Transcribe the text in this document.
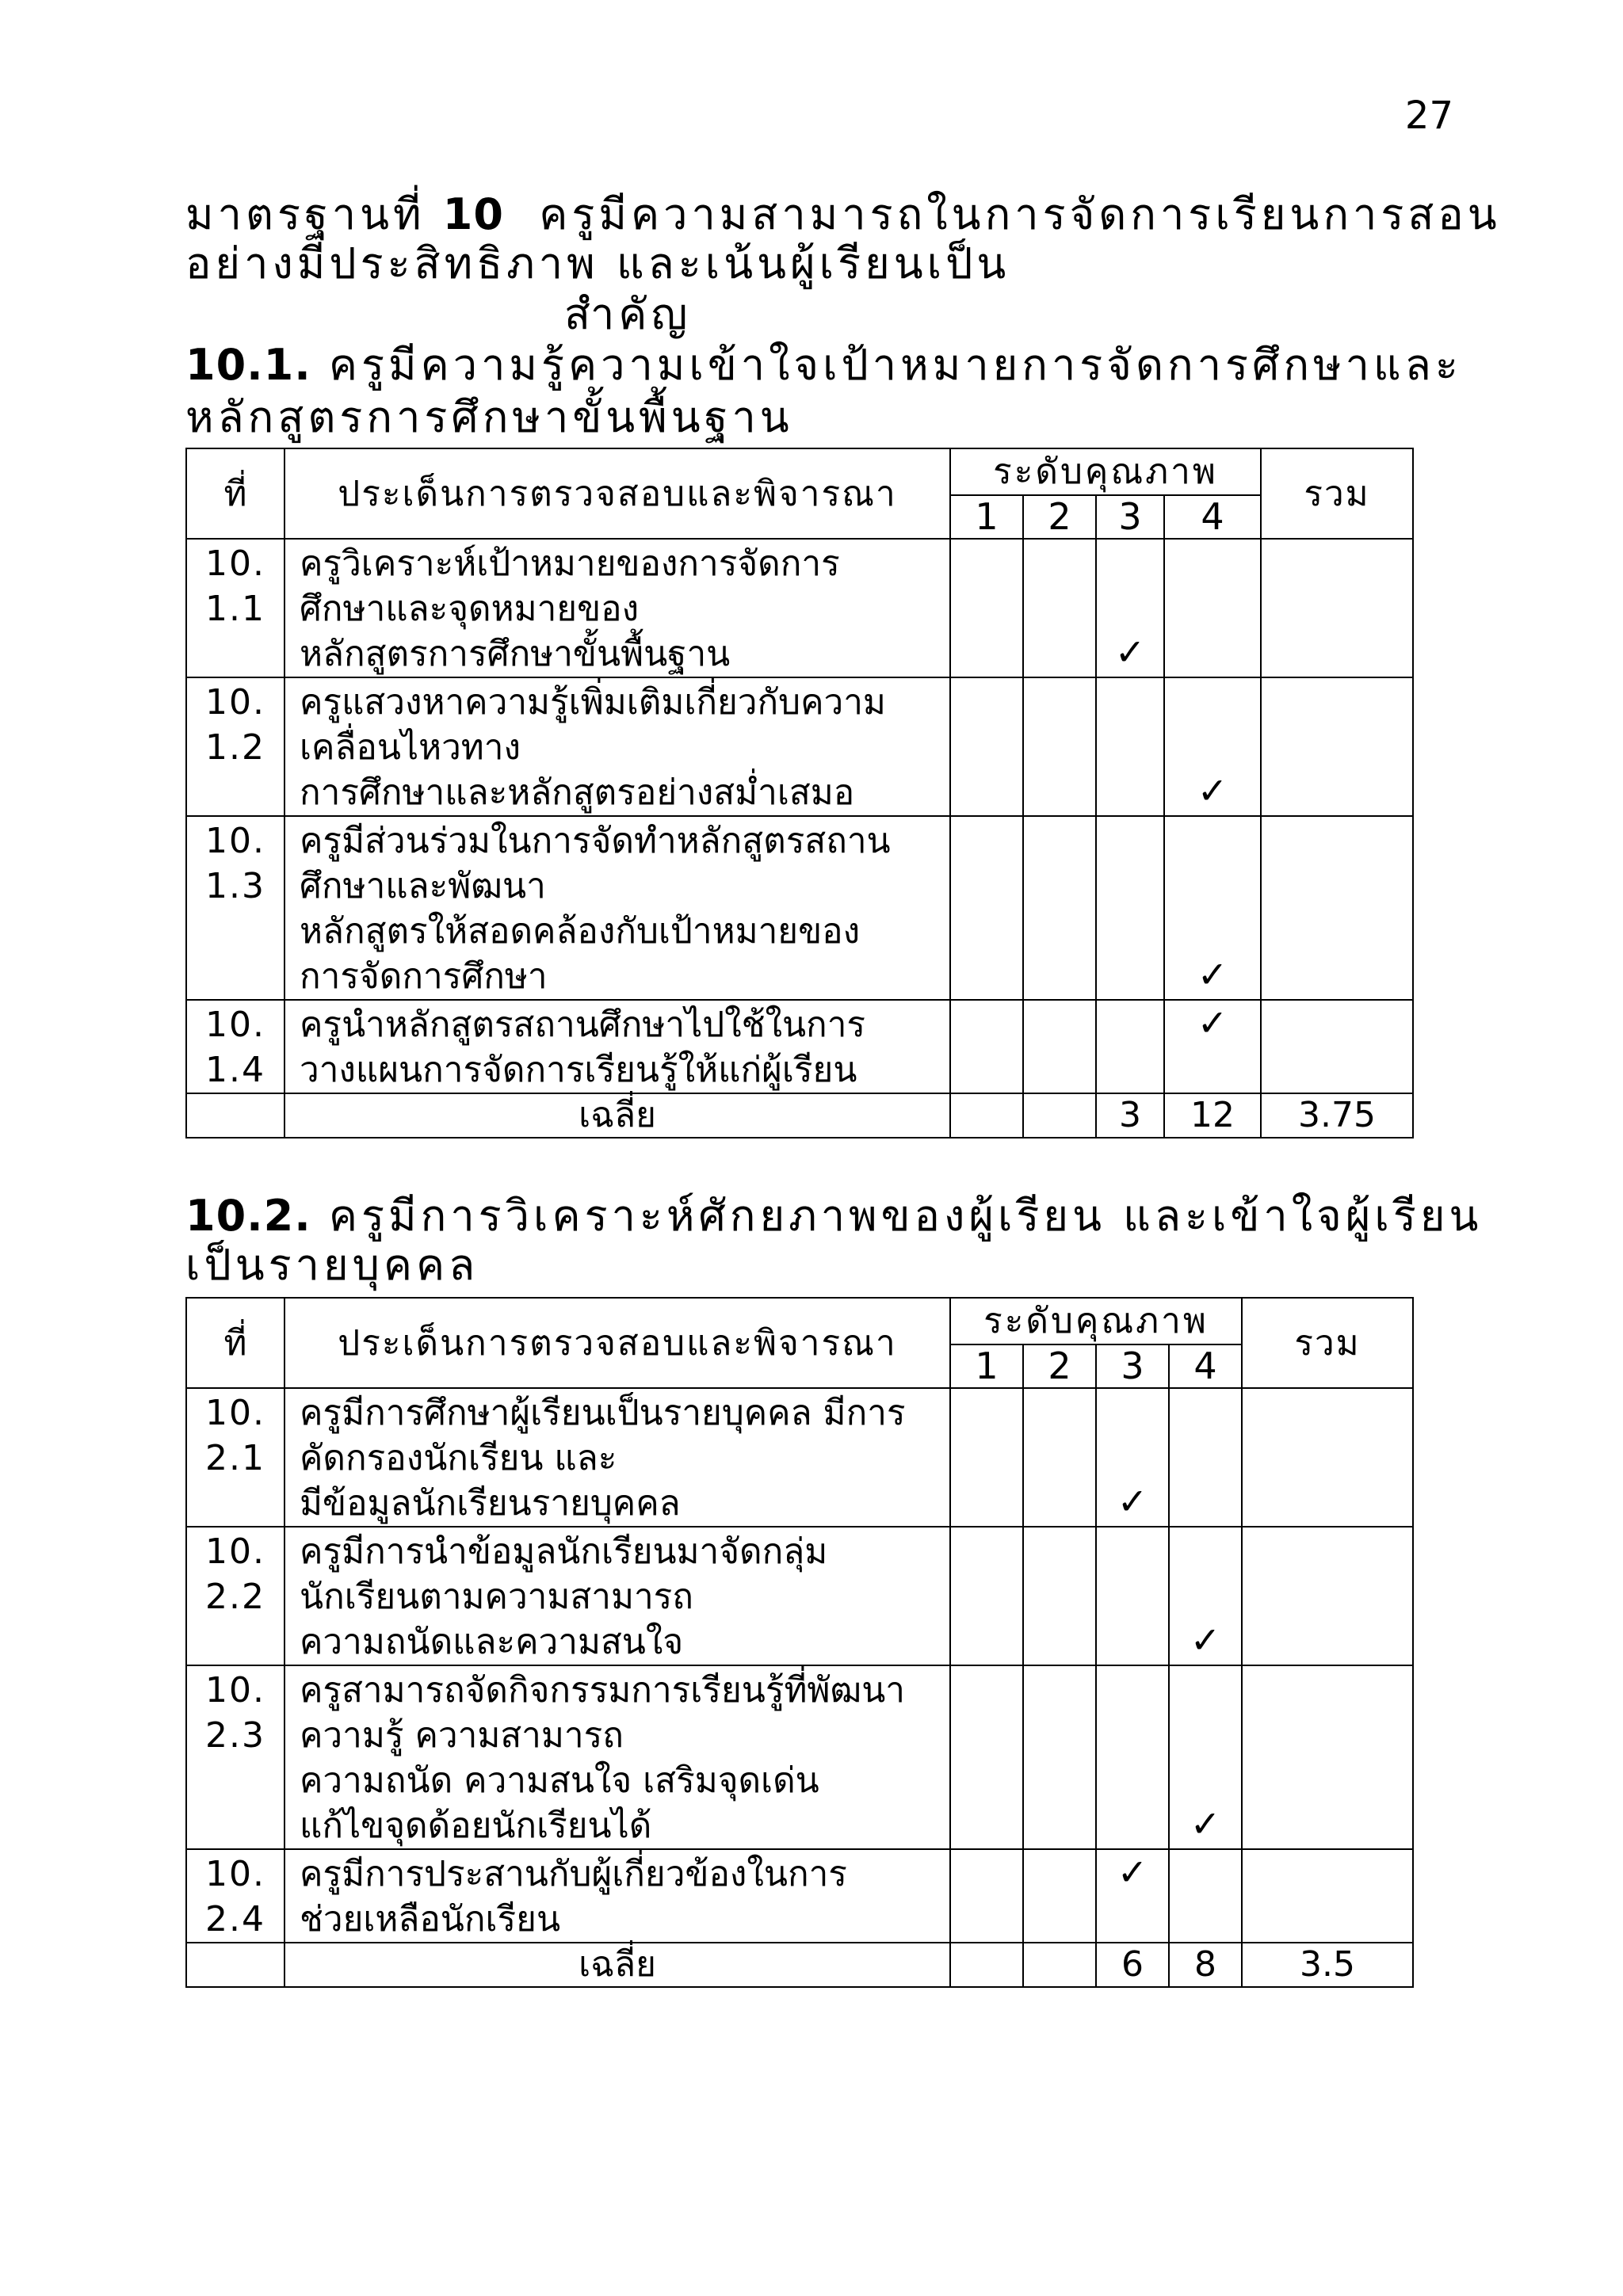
27
มาตรฐานที่ 10 ครูมีความสามารถในการจัดการเรียนการสอน
อย่างมีประสิทธิภาพ และเน้นผู้เรียนเป็น
สำคัญ
10.1. ครูมีความรู้ความเข้าใจเป้าหมายการจัดการศึกษาและ
หลักสูตรการศึกษาขั้นพื้นฐาน
ที่	ประเด็นการตรวจสอบและพิจารณา	ระดับคุณภาพ				รวม
		1	2	3	4	
10.
1.1	ครูวิเคราะห์เป้าหมายของการจัดการ
ศึกษาและจุดหมายของ
หลักสูตรการศึกษาขั้นพื้นฐาน			✓		
10.
1.2	ครูแสวงหาความรู้เพิ่มเติมเกี่ยวกับความ
เคลื่อนไหวทาง
การศึกษาและหลักสูตรอย่างสม่ำเสมอ				✓	
10.
1.3	ครูมีส่วนร่วมในการจัดทำหลักสูตรสถาน
ศึกษาและพัฒนา
หลักสูตรให้สอดคล้องกับเป้าหมายของ
การจัดการศึกษา				✓	
10.
1.4	ครูนำหลักสูตรสถานศึกษาไปใช้ในการ
วางแผนการจัดการเรียนรู้ให้แก่ผู้เรียน				✓	
	เฉลี่ย			3	12	3.75
10.2. ครูมีการวิเคราะห์ศักยภาพของผู้เรียน และเข้าใจผู้เรียน
เป็นรายบุคคล
ที่	ประเด็นการตรวจสอบและพิจารณา	ระดับคุณภาพ				รวม
		1	2	3	4	
10.
2.1	ครูมีการศึกษาผู้เรียนเป็นรายบุคคล มีการ
คัดกรองนักเรียน และ
มีข้อมูลนักเรียนรายบุคคล			✓		
10.
2.2	ครูมีการนำข้อมูลนักเรียนมาจัดกลุ่ม
นักเรียนตามความสามารถ
ความถนัดและความสนใจ				✓	
10.
2.3	ครูสามารถจัดกิจกรรมการเรียนรู้ที่พัฒนา
ความรู้ ความสามารถ
ความถนัด ความสนใจ เสริมจุดเด่น
แก้ไขจุดด้อยนักเรียนได้				✓	
10.
2.4	ครูมีการประสานกับผู้เกี่ยวข้องในการ
ช่วยเหลือนักเรียน			✓		
	เฉลี่ย			6	8	3.5
